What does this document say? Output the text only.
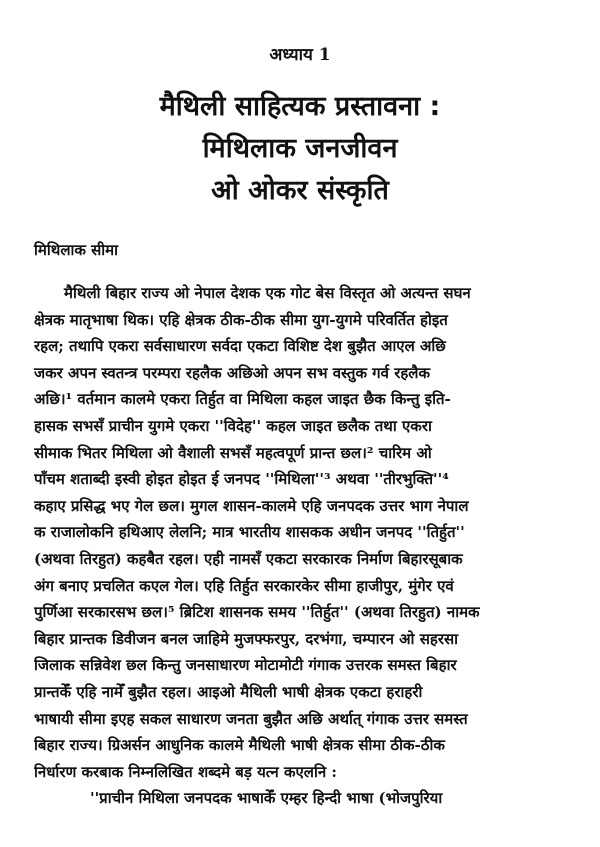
अध्याय 1
मैथिली साहित्यक प्रस्तावना :
मिथिलाक जनजीवन
ओ ओकर संस्कृति
मिथिलाक सीमा
मैथिली बिहार राज्य ओ नेपाल देशक एक गोट बेस विस्तृत ओ अत्यन्त सघन
क्षेत्रक मातृभाषा थिक। एहि क्षेत्रक ठीक-ठीक सीमा युग-युगमे परिवर्तित होइत
रहल; तथापि एकरा सर्वसाधारण सर्वदा एकटा विशिष्ट देश बुझैत आएल अछि
जकर अपन स्वतन्त्र परम्परा रहलैक अछिओ अपन सभ वस्तुक गर्व रहलैक
अछि।¹ वर्तमान कालमे एकरा तिर्हुत वा मिथिला कहल जाइत छैक किन्तु इति-
हासक सभसँ प्राचीन युगमे एकरा ''विदेह'' कहल जाइत छलैक तथा एकरा
सीमाक भितर मिथिला ओ वैशाली सभसँ महत्वपूर्ण प्रान्त छल।² चारिम ओ
पाँचम शताब्दी इस्वी होइत होइत ई जनपद ''मिथिला''³ अथवा ''तीरभुक्ति''⁴
कहाए प्रसिद्ध भए गेल छल। मुगल शासन-कालमे एहि जनपदक उत्तर भाग नेपाल
क राजालोकनि हथिआए लेलनि; मात्र भारतीय शासकक अधीन जनपद ''तिर्हुत''
(अथवा तिरहुत) कहबैत रहल। एही नामसँ एकटा सरकारक निर्माण बिहारसूबाक
अंग बनाए प्रचलित कएल गेल। एहि तिर्हुत सरकारकेर सीमा हाजीपुर, मुंगेर एवं
पुर्णिआ सरकारसभ छल।⁵ ब्रिटिश शासनक समय ''तिर्हुत'' (अथवा तिरहुत) नामक
बिहार प्रान्तक डिवीजन बनल जाहिमे मुजफ्फरपुर, दरभंगा, चम्पारन ओ सहरसा
जिलाक सन्निवेश छल किन्तु जनसाधारण मोटामोटी गंगाक उत्तरक समस्त बिहार
प्रान्तकेँ एहि नामेँ बुझैत रहल। आइओ मैथिली भाषी क्षेत्रक एकटा हराहरी
भाषायी सीमा इएह सकल साधारण जनता बुझैत अछि अर्थात् गंगाक उत्तर समस्त
बिहार राज्य। ग्रिअर्सन आधुनिक कालमे मैथिली भाषी क्षेत्रक सीमा ठीक-ठीक
निर्धारण करबाक निम्नलिखित शब्दमे बड़ यत्न कएलनि :
''प्राचीन मिथिला जनपदक भाषाकेँ एम्हर हिन्दी भाषा (भोजपुरिया
